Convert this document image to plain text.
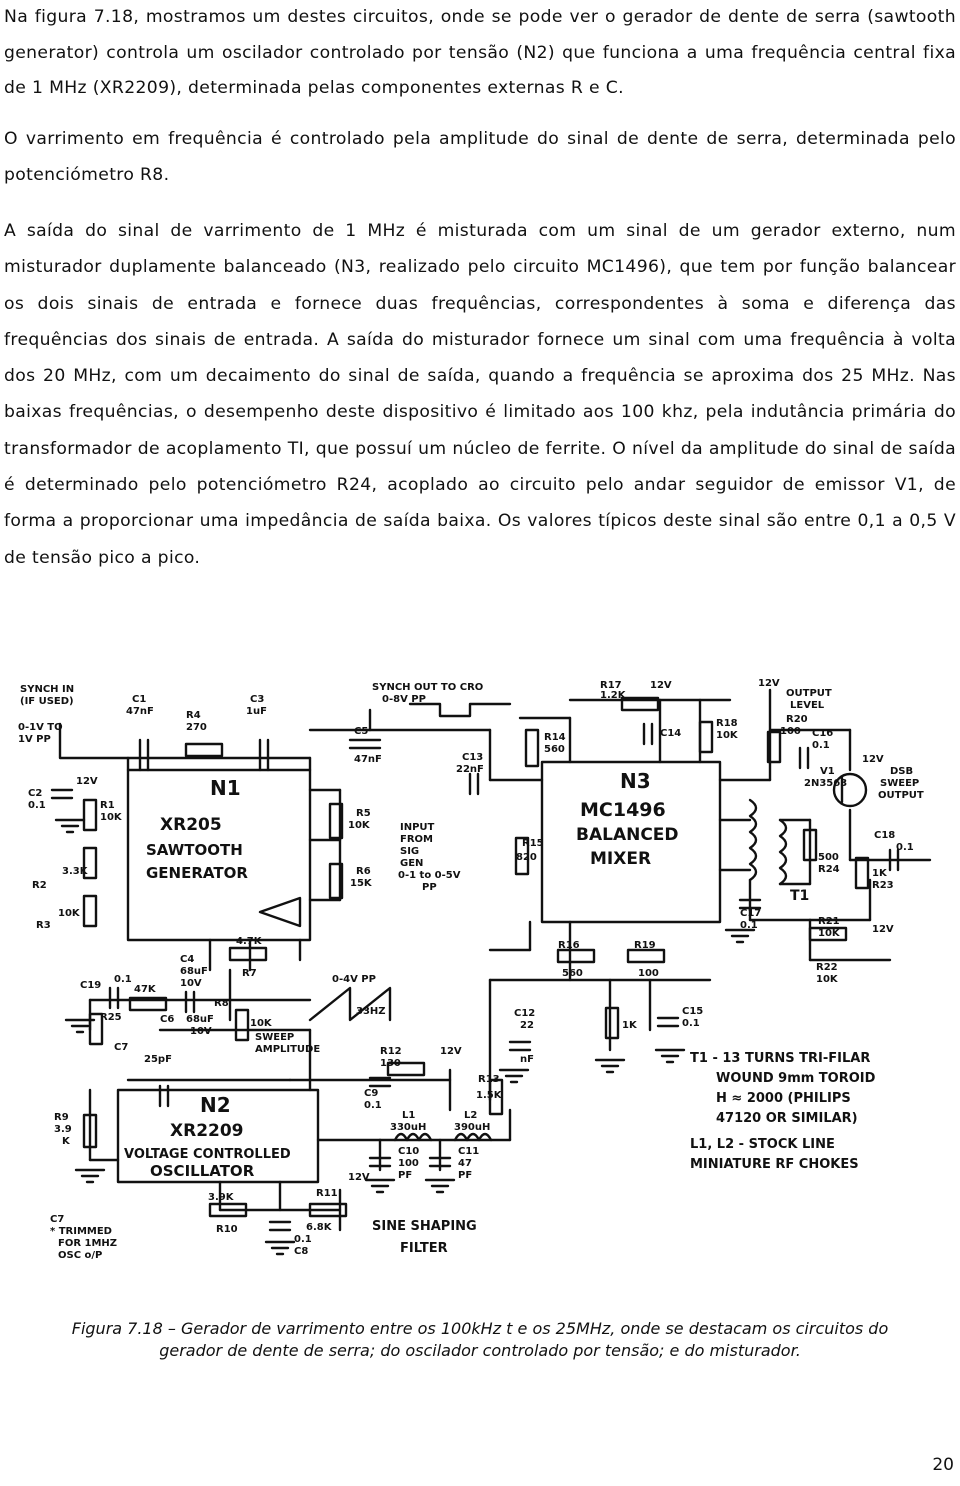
Na figura 7.18, mostramos um destes circuitos, onde se pode ver o gerador de dente de serra (sawtooth generator) controla um oscilador controlado por tensão (N2) que funciona a uma frequência central fixa de 1 MHz (XR2209), determinada pelas componentes externas R e C.

O varrimento em frequência é controlado pela amplitude do sinal de dente de serra, determinada pelo potenciómetro R8.

A saída do sinal de varrimento de 1 MHz é misturada com um sinal de um gerador externo, num misturador duplamente balanceado (N3, realizado pelo circuito MC1496), que tem por função balancear os dois sinais de entrada e fornece duas frequências, correspondentes à soma e diferença das frequências dos sinais de entrada. A saída do misturador fornece um sinal com uma frequência à volta dos 20 MHz, com um decaimento do sinal de saída, quando a frequência se aproxima dos 25 MHz. Nas baixas frequências, o desempenho deste dispositivo é limitado aos 100 khz, pela indutância primária do transformador de acoplamento TI, que possuí um núcleo de ferrite. O nível da amplitude do sinal de saída é determinado pelo potenciómetro R24, acoplado ao circuito pelo andar seguidor de emissor V1, de forma a proporcionar uma impedância de saída baixa. Os valores típicos deste sinal são entre 0,1 a 0,5 V de tensão pico a pico.

N1
XR205
SAWTOOTH
GENERATOR
N2
XR2209
VOLTAGE CONTROLLED
OSCILLATOR
N3
MC1496
BALANCED
MIXER
SYNCH IN
(IF USED)
0-1V TO
1V PP
SYNCH OUT TO CRO
0-8V PP
INPUT
FROM
SIG
GEN
0-1 to 0-5V
PP
OUTPUT
LEVEL
DSB
SWEEP
OUTPUT
SWEEP
AMPLITUDE
0-4V PP
33HZ
SINE SHAPING
FILTER
C7
* TRIMMED
FOR 1MHZ
OSC o/P
T1 - 13 TURNS TRI-FILAR
WOUND 9mm TOROID
H ≈ 2000 (PHILIPS
47120 OR SIMILAR)
L1, L2 - STOCK LINE
MINIATURE RF CHOKES
C1
47nF
C3
1uF
R4
270	C5
47nF	C13
22nF
R14
560
R17
1.2K
C14
R18
10K
R20
100 C16
0.1
V1
2N3563
C18
0.1
500
R24	1K
R23
C17
0.1	R21
10K
R22
10K
T1
C2
0.1	R1
10K
R2
3.3K
R3
10K
R5
10K
R6
15K
R15
820
R16
560
R19
100
1K
C15
0.1
C4
68uF
10V
R7
4.7K
R8
10K
C19
0.1
R25
47K
C6 68uF
10V
C7
25pF
R12
130
C9
0.1
C12
22
nF
R13
1.5K
L1
330uH
L2
390uH
C10
100
PF
C11
47
PF
R9
3.9
K
3.9K
R10
R11
6.8K
0.1
C8
12V
12V
12V
12V	12V
12V
12V
Figura 7.18 – Gerador de varrimento entre os 100kHz t e os 25MHz, onde se destacam os circuitos do
gerador de dente de serra; do oscilador controlado por tensão; e do misturador.
20
